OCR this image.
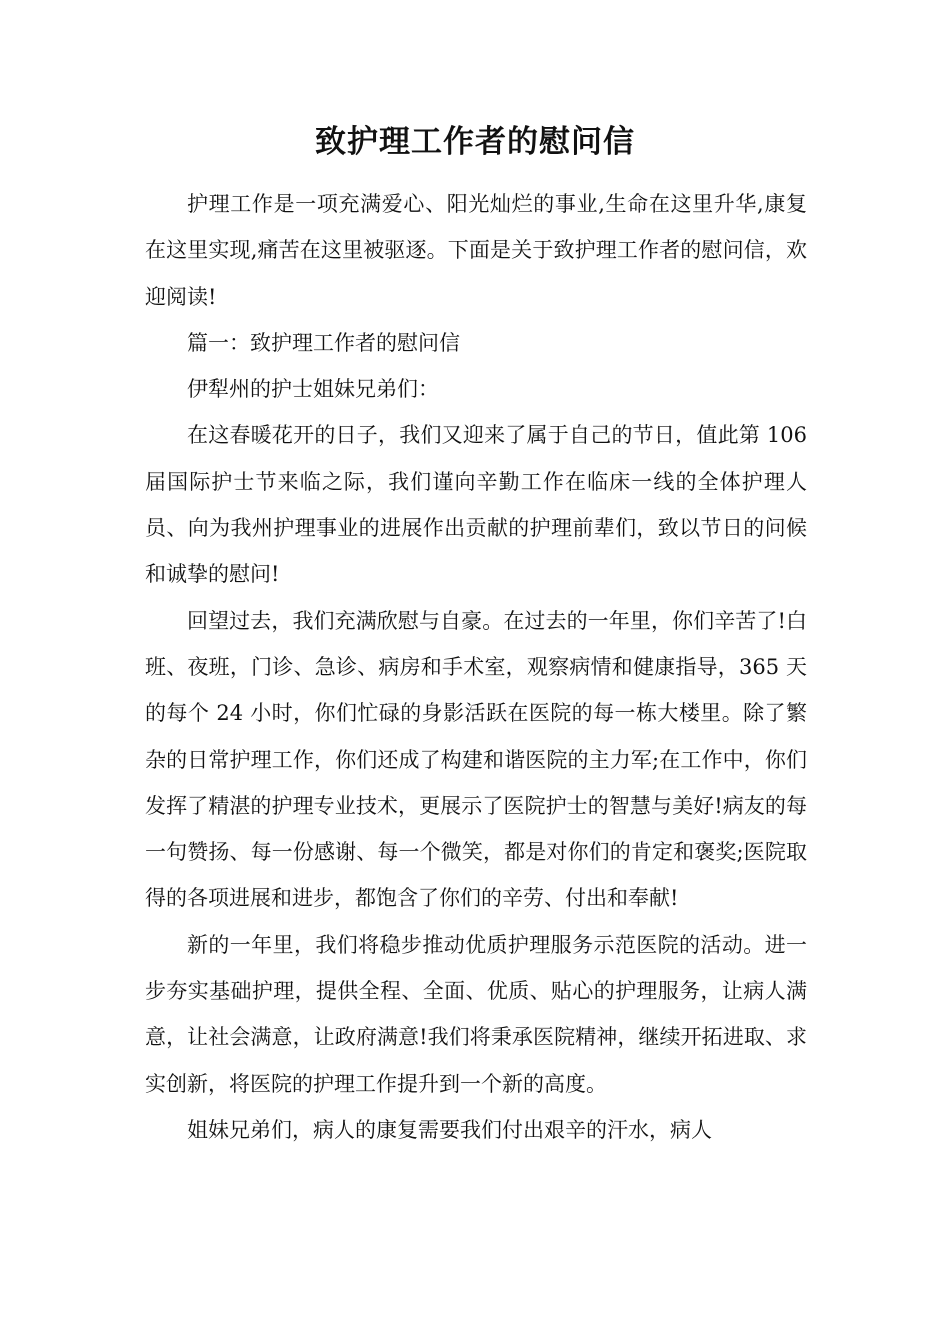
致护理工作者的慰问信

护理工作是一项充满爱心、阳光灿烂的事业,生命在这里升华,康复在这里实现,痛苦在这里被驱逐。下面是关于致护理工作者的慰问信，欢迎阅读!

篇一：致护理工作者的慰问信

伊犁州的护士姐妹兄弟们：

在这春暖花开的日子，我们又迎来了属于自己的节日，值此第 106 届国际护士节来临之际，我们谨向辛勤工作在临床一线的全体护理人员、向为我州护理事业的进展作出贡献的护理前辈们，致以节日的问候和诚挚的慰问!

回望过去，我们充满欣慰与自豪。在过去的一年里，你们辛苦了!白班、夜班，门诊、急诊、病房和手术室，观察病情和健康指导，365 天的每个 24 小时，你们忙碌的身影活跃在医院的每一栋大楼里。除了繁杂的日常护理工作，你们还成了构建和谐医院的主力军;在工作中，你们发挥了精湛的护理专业技术，更展示了医院护士的智慧与美好!病友的每一句赞扬、每一份感谢、每一个微笑，都是对你们的肯定和褒奖;医院取得的各项进展和进步，都饱含了你们的辛劳、付出和奉献!

新的一年里，我们将稳步推动优质护理服务示范医院的活动。进一步夯实基础护理，提供全程、全面、优质、贴心的护理服务，让病人满意，让社会满意，让政府满意!我们将秉承医院精神，继续开拓进取、求实创新，将医院的护理工作提升到一个新的高度。

姐妹兄弟们，病人的康复需要我们付出艰辛的汗水，病人
